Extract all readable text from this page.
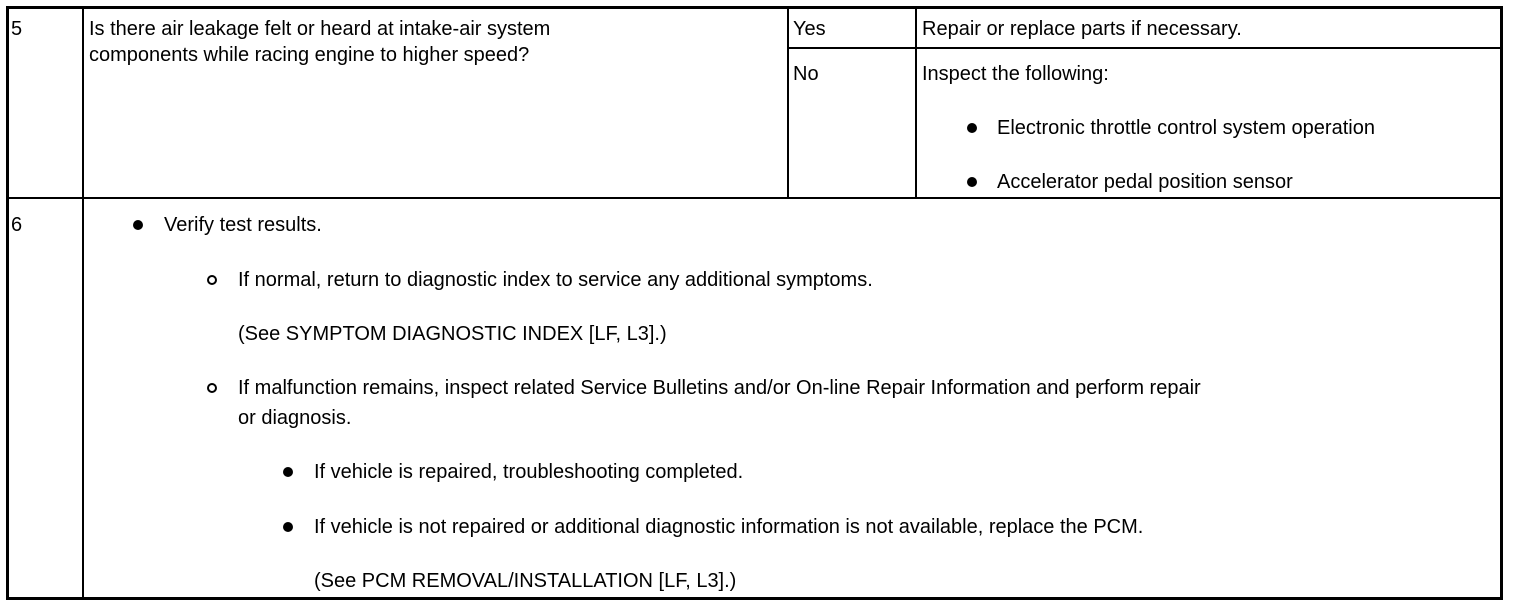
5	Is there air leakage felt or heard at intake-air system
components while racing engine to higher speed?
Yes	Repair or replace parts if necessary.
No	Inspect the following:
Electronic throttle control system operation
Accelerator pedal position sensor
6	Verify test results.
If normal, return to diagnostic index to service any additional symptoms.
(See SYMPTOM DIAGNOSTIC INDEX [LF, L3].)
If malfunction remains, inspect related Service Bulletins and/or On-line Repair Information and perform repair
or diagnosis.
If vehicle is repaired, troubleshooting completed.
If vehicle is not repaired or additional diagnostic information is not available, replace the PCM.
(See PCM REMOVAL/INSTALLATION [LF, L3].)
